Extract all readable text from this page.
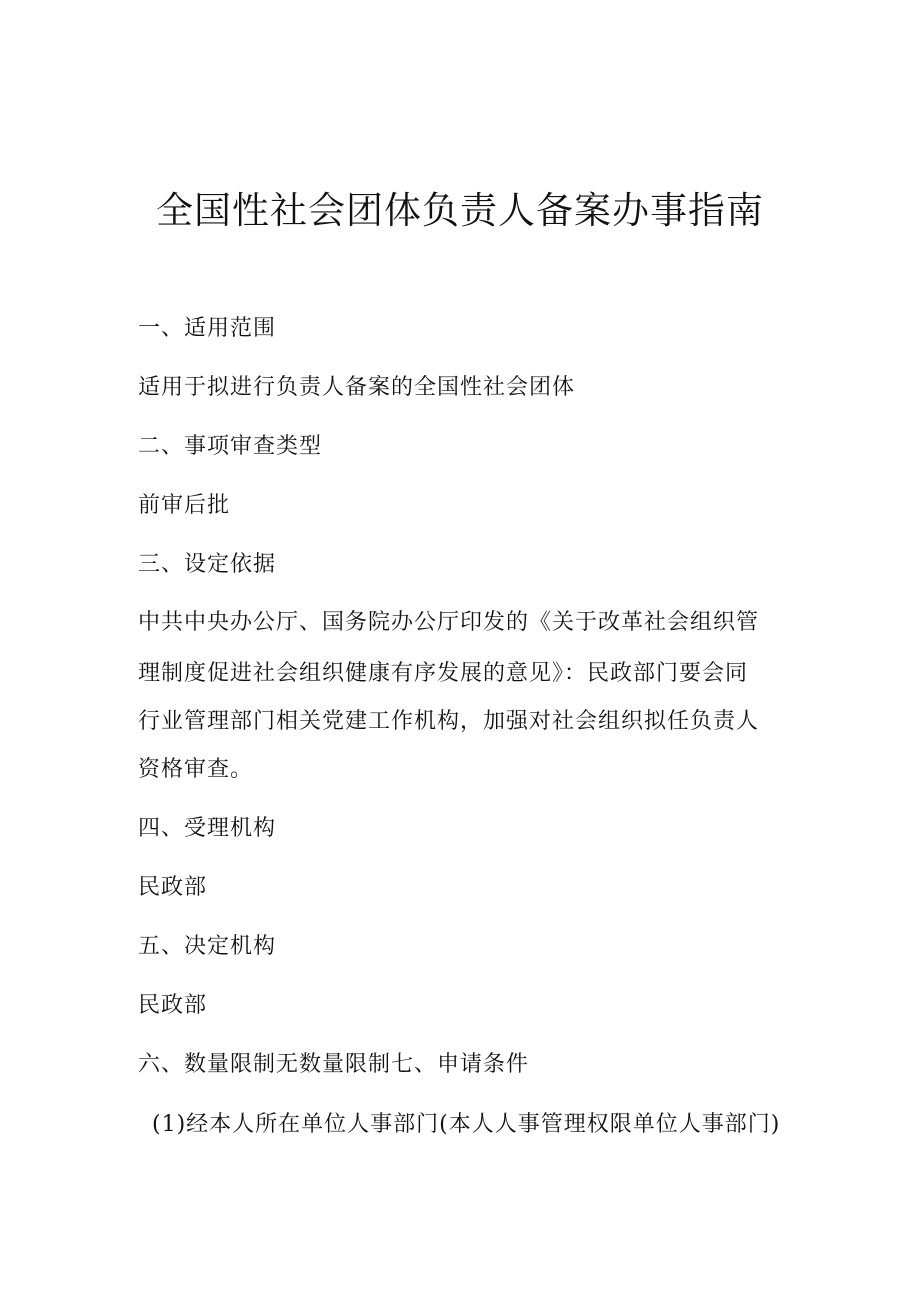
全国性社会团体负责人备案办事指南

一、适用范围

适用于拟进行负责人备案的全国性社会团体

二、事项审查类型

前审后批

三、设定依据

中共中央办公厅、国务院办公厅印发的《关于改革社会组织管

理制度促进社会组织健康有序发展的意见》：民政部门要会同

行业管理部门相关党建工作机构，加强对社会组织拟任负责人

资格审查。

四、受理机构

民政部

五、决定机构

民政部

六、数量限制无数量限制七、申请条件

(1)经本人所在单位人事部门(本人人事管理权限单位人事部门)
